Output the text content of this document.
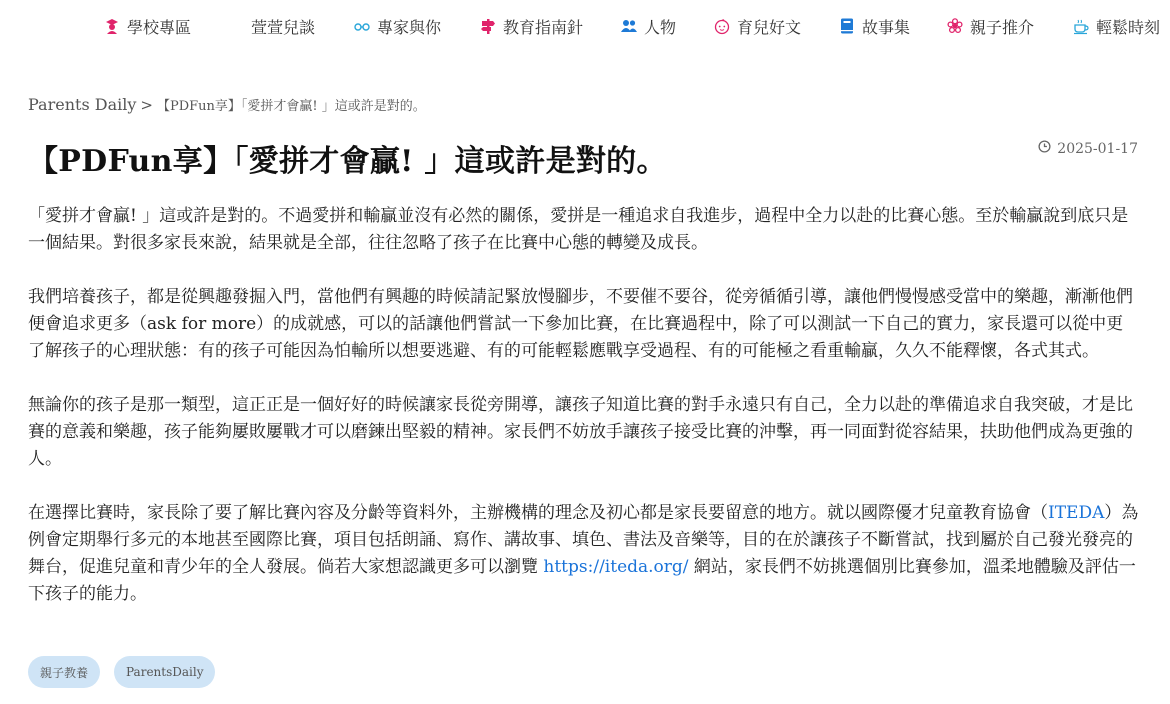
學校專區	萱萱兒談	專家與你	教育指南針	人物	育兒好文	故事集	親子推介	輕鬆時刻
Parents Daily > 【PDFun享】「愛拼才會贏! 」這或許是對的。
【PDFun享】「愛拼才會贏! 」這或許是對的。	2025-01-17

「愛拼才會贏! 」這或許是對的。不過愛拼和輸贏並沒有必然的關係，愛拼是一種追求自我進步，過程中全力以赴的比賽心態。至於輸贏說到底只是一個結果。對很多家長來說，結果就是全部，往往忽略了孩子在比賽中心態的轉變及成長。

我們培養孩子，都是從興趣發掘入門，當他們有興趣的時候請記緊放慢腳步，不要催不要谷，從旁循循引導，讓他們慢慢感受當中的樂趣，漸漸他們便會追求更多（ask for more）的成就感，可以的話讓他們嘗試一下參加比賽，在比賽過程中，除了可以測試一下自己的實力，家長還可以從中更了解孩子的心理狀態：有的孩子可能因為怕輸所以想要逃避、有的可能輕鬆應戰享受過程、有的可能極之看重輸贏，久久不能釋懷，各式其式。

無論你的孩子是那一類型，這正正是一個好好的時候讓家長從旁開導，讓孩子知道比賽的對手永遠只有自己，全力以赴的準備追求自我突破，才是比賽的意義和樂趣，孩子能夠屢敗屢戰才可以磨鍊出堅毅的精神。家長們不妨放手讓孩子接受比賽的沖擊，再一同面對從容結果，扶助他們成為更強的人。

在選擇比賽時，家長除了要了解比賽內容及分齡等資料外，主辦機構的理念及初心都是家長要留意的地方。就以國際優才兒童教育協會（ITEDA）為例會定期舉行多元的本地甚至國際比賽，項目包括朗誦、寫作、講故事、填色、書法及音樂等，目的在於讓孩子不斷嘗試，找到屬於自己發光發亮的舞台，促進兒童和青少年的全人發展。倘若大家想認識更多可以瀏覽 https://iteda.org/ 網站，家長們不妨挑選個別比賽參加，溫柔地體驗及評估一下孩子的能力。

親子教養	ParentsDaily
